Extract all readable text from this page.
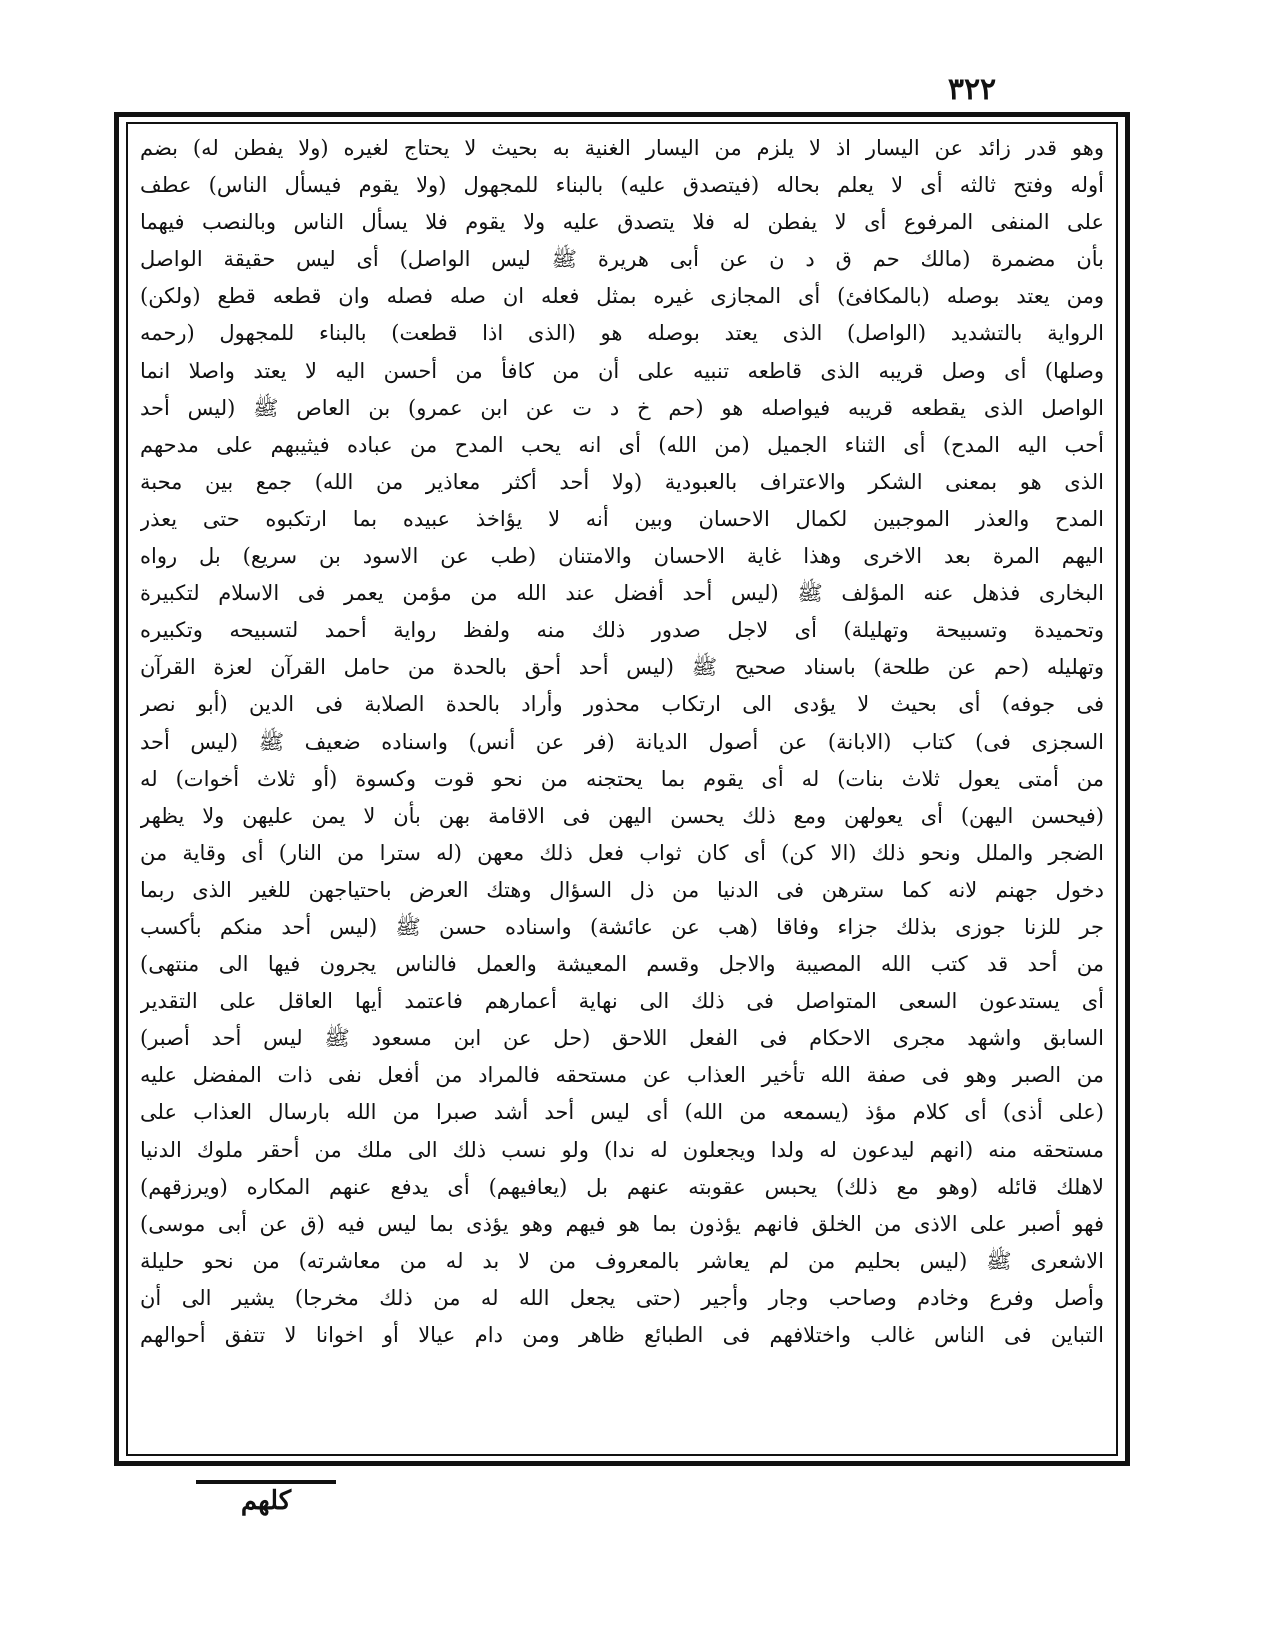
٣٢٢
وهو قدر زائد عن اليسار اذ لا يلزم من اليسار الغنية به بحيث لا يحتاج لغيره (ولا يفطن له) بضم
أوله وفتح ثالثه أى لا يعلم بحاله (فيتصدق عليه) بالبناء للمجهول (ولا يقوم فيسأل الناس) عطف
على المنفى المرفوع أى لا يفطن له فلا يتصدق عليه ولا يقوم فلا يسأل الناس وبالنصب فيهما
بأن مضمرة (مالك حم ق د ن عن أبى هريرة ﷺ ليس الواصل) أى ليس حقيقة الواصل
ومن يعتد بوصله (بالمكافئ) أى المجازى غيره بمثل فعله ان صله فصله وان قطعه قطع (ولكن)
الرواية بالتشديد (الواصل) الذى يعتد بوصله هو (الذى اذا قطعت) بالبناء للمجهول (رحمه
وصلها) أى وصل قريبه الذى قاطعه تنبيه على أن من كافأ من أحسن اليه لا يعتد واصلا انما
الواصل الذى يقطعه قريبه فيواصله هو (حم خ د ت عن ابن عمرو) بن العاص ﷺ (ليس أحد
أحب اليه المدح) أى الثناء الجميل (من الله) أى انه يحب المدح من عباده فيثيبهم على مدحهم
الذى هو بمعنى الشكر والاعتراف بالعبودية (ولا أحد أكثر معاذير من الله) جمع بين محبة
المدح والعذر الموجبين لكمال الاحسان وبين أنه لا يؤاخذ عبيده بما ارتكبوه حتى يعذر
اليهم المرة بعد الاخرى وهذا غاية الاحسان والامتنان (طب عن الاسود بن سريع) بل رواه
البخارى فذهل عنه المؤلف ﷺ (ليس أحد أفضل عند الله من مؤمن يعمر فى الاسلام لتكبيرة
وتحميدة وتسبيحة وتهليلة) أى لاجل صدور ذلك منه ولفظ رواية أحمد لتسبيحه وتكبيره
وتهليله (حم عن طلحة) باسناد صحيح ﷺ (ليس أحد أحق بالحدة من حامل القرآن لعزة القرآن
فى جوفه) أى بحيث لا يؤدى الى ارتكاب محذور وأراد بالحدة الصلابة فى الدين (أبو نصر
السجزى فى) كتاب (الابانة) عن أصول الديانة (فر عن أنس) واسناده ضعيف ﷺ (ليس أحد
من أمتى يعول ثلاث بنات) له أى يقوم بما يحتجنه من نحو قوت وكسوة (أو ثلاث أخوات) له
(فيحسن اليهن) أى يعولهن ومع ذلك يحسن اليهن فى الاقامة بهن بأن لا يمن عليهن ولا يظهر
الضجر والملل ونحو ذلك (الا كن) أى كان ثواب فعل ذلك معهن (له سترا من النار) أى وقاية من
دخول جهنم لانه كما سترهن فى الدنيا من ذل السؤال وهتك العرض باحتياجهن للغير الذى ربما
جر للزنا جوزى بذلك جزاء وفاقا (هب عن عائشة) واسناده حسن ﷺ (ليس أحد منكم بأكسب
من أحد قد كتب الله المصيبة والاجل وقسم المعيشة والعمل فالناس يجرون فيها الى منتهى)
أى يستدعون السعى المتواصل فى ذلك الى نهاية أعمارهم فاعتمد أيها العاقل على التقدير
السابق واشهد مجرى الاحكام فى الفعل اللاحق (حل عن ابن مسعود ﷺ ليس أحد أصبر)
من الصبر وهو فى صفة الله تأخير العذاب عن مستحقه فالمراد من أفعل نفى ذات المفضل عليه
(على أذى) أى كلام مؤذ (يسمعه من الله) أى ليس أحد أشد صبرا من الله بارسال العذاب على
مستحقه منه (انهم ليدعون له ولدا ويجعلون له ندا) ولو نسب ذلك الى ملك من أحقر ملوك الدنيا
لاهلك قائله (وهو مع ذلك) يحبس عقوبته عنهم بل (يعافيهم) أى يدفع عنهم المكاره (ويرزقهم)
فهو أصبر على الاذى من الخلق فانهم يؤذون بما هو فيهم وهو يؤذى بما ليس فيه (ق عن أبى موسى)
الاشعرى ﷺ (ليس بحليم من لم يعاشر بالمعروف من لا بد له من معاشرته) من نحو حليلة
وأصل وفرع وخادم وصاحب وجار وأجير (حتى يجعل الله له من ذلك مخرجا) يشير الى أن
التباين فى الناس غالب واختلافهم فى الطبائع ظاهر ومن دام عيالا أو اخوانا لا تتفق أحوالهم
كلهم
